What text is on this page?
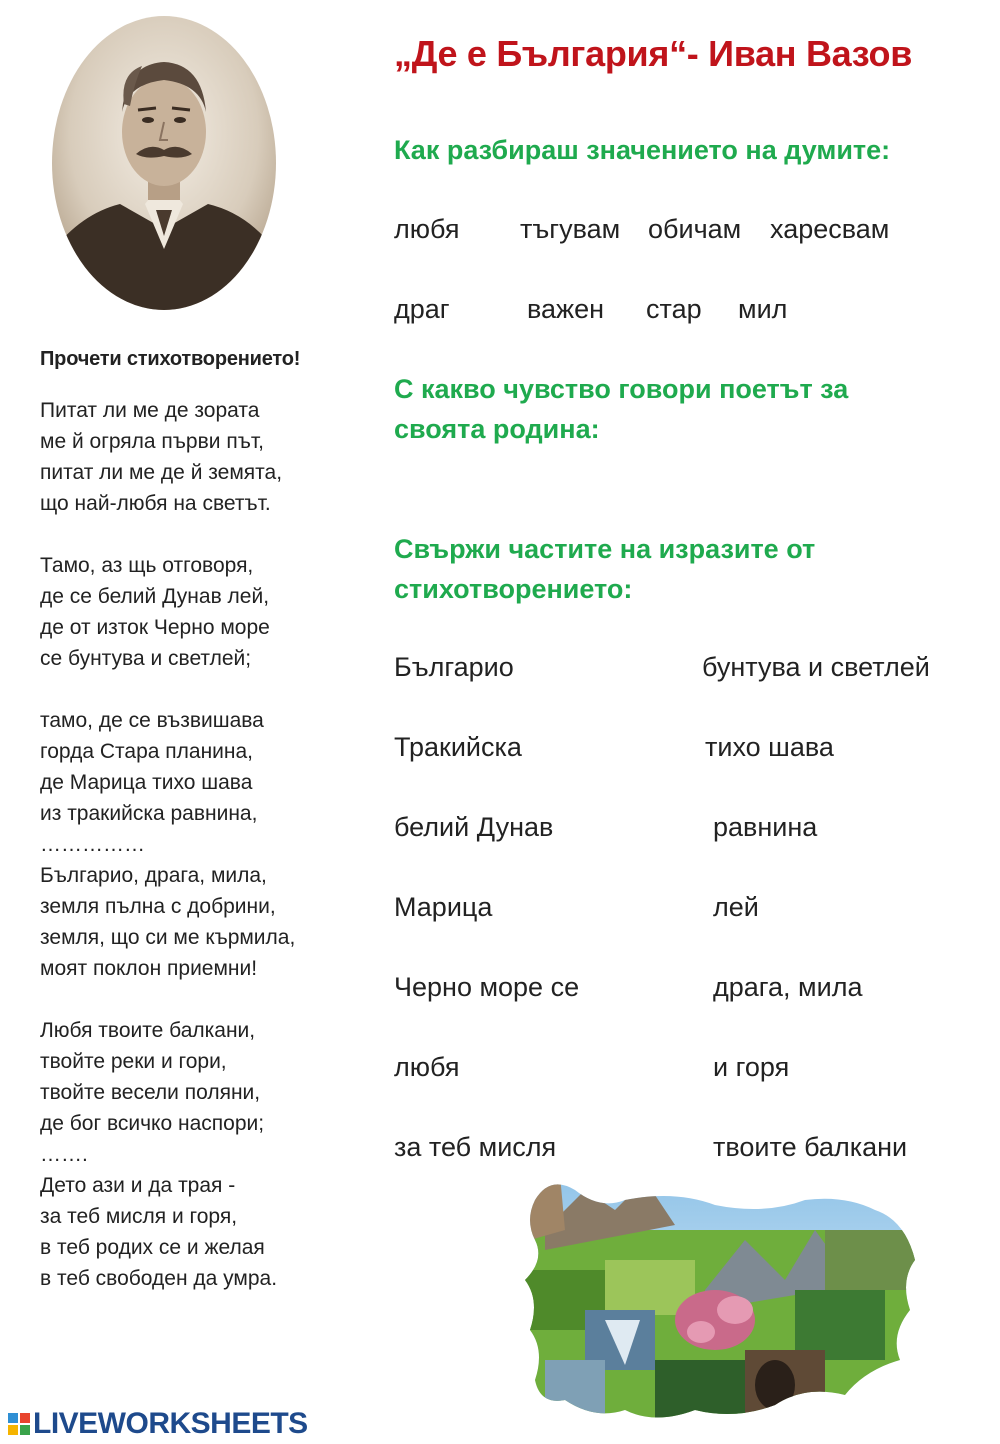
Прочети стихотворението!
Питат ли ме де зората
ме й огряла първи път,
питат ли ме де й земята,
що най-любя на светът.
Тамо, аз щь отговоря,
де се белий Дунав лей,
де от изток Черно море
се бунтува и светлей;
тамо, де се възвишава
горда Стара планина,
де Марица тихо шава
из тракийска равнина,
……………
Българио, драга, мила,
земля пълна с добрини,
земля, що си ме кърмила,
моят поклон приемни!
Любя твоите балкани,
твойте реки и гори,
твойте весели поляни,
де бог всичко наспори;
…….
Дето ази и да трая -
за теб мисля и горя,
в теб родих се и желая
в теб свободен да умра.
„Де е България“- Иван Вазов
Как разбираш значението на думите:
любя тъгувам обичам харесвам
драг	важен стар мил
С какво чувство говори поетът за своята родина:
Свържи частите на изразите от стихотворението:
Българио
Тракийска
белий Дунав
Марица
Черно море се
любя
за теб мисля
бунтува и светлей
тихо шава
равнина
лей
драга, мила
и горя
твоите балкани
LIVEWORKSHEETS
